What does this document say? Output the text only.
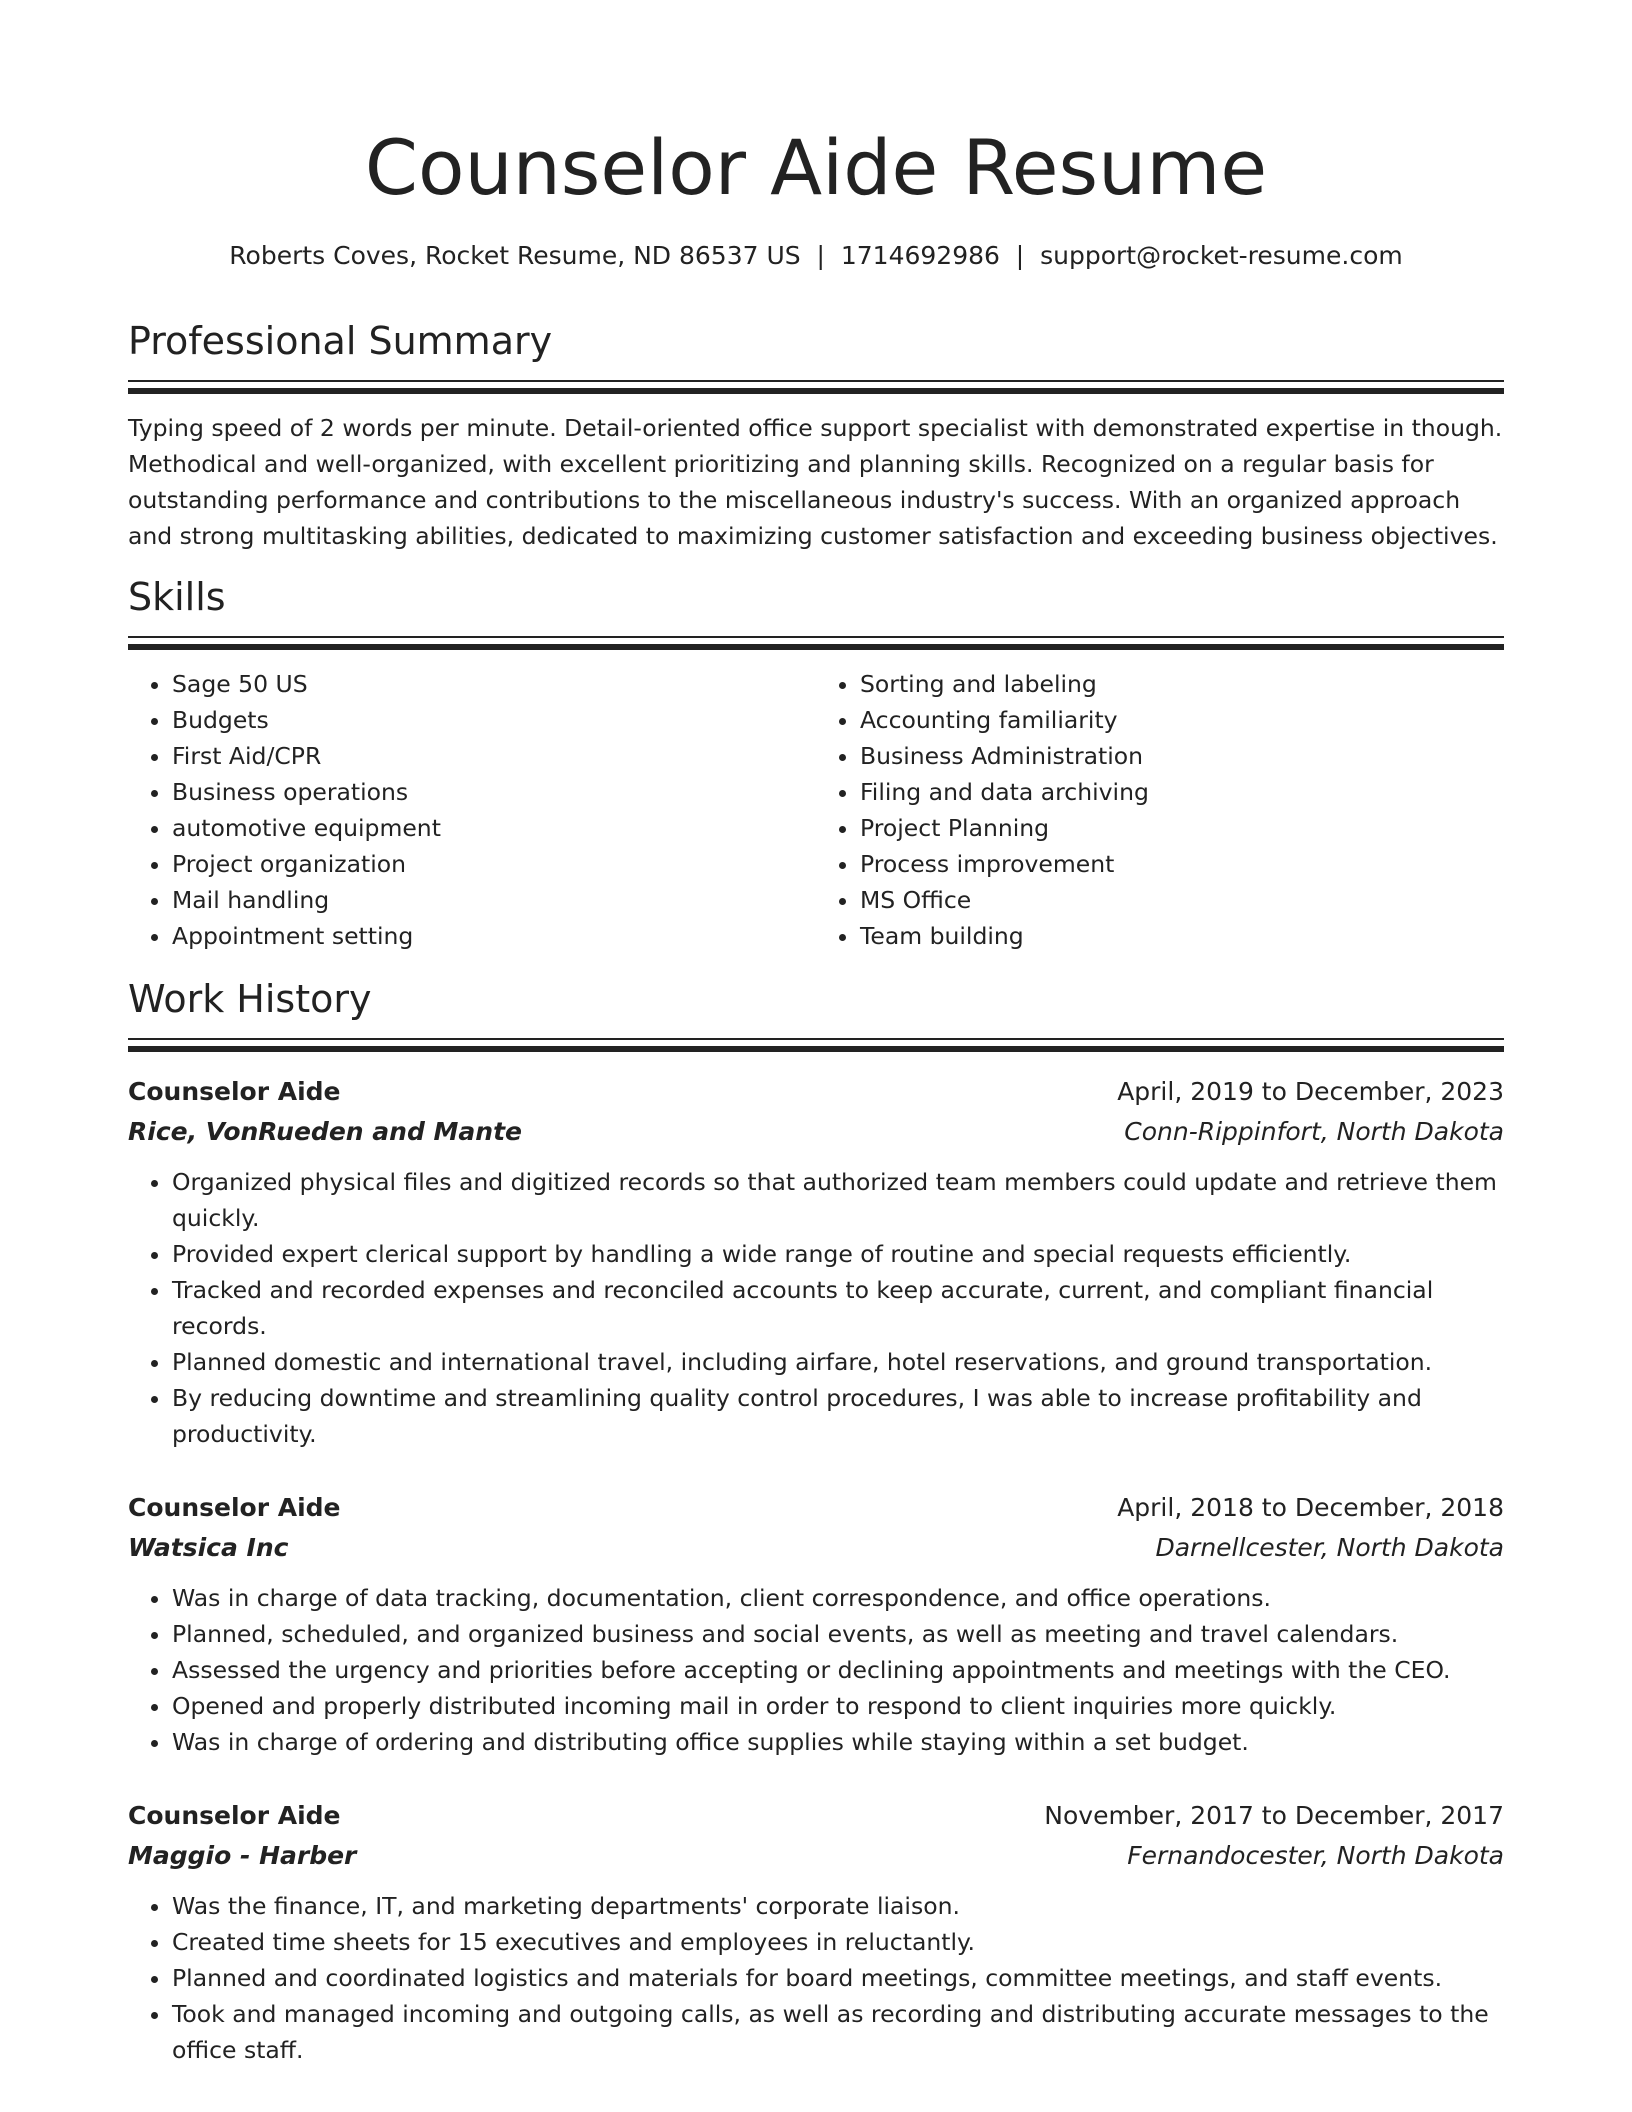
Counselor Aide Resume
Roberts Coves, Rocket Resume, ND 86537 US  |  1714692986  |  support@rocket-resume.com
Professional Summary
Typing speed of 2 words per minute. Detail-oriented office support specialist with demonstrated expertise in though. Methodical and well-organized, with excellent prioritizing and planning skills. Recognized on a regular basis for outstanding performance and contributions to the miscellaneous industry's success. With an organized approach and strong multitasking abilities, dedicated to maximizing customer satisfaction and exceeding business objectives.
Skills
• Sage 50 US
• Budgets
• First Aid/CPR
• Business operations
• automotive equipment
• Project organization
• Mail handling
• Appointment setting
• Sorting and labeling
• Accounting familiarity
• Business Administration
• Filing and data archiving
• Project Planning
• Process improvement
• MS Office
• Team building
Work History
Counselor Aide	April, 2019 to December, 2023
Rice, VonRueden and Mante	Conn-Rippinfort, North Dakota
• Organized physical files and digitized records so that authorized team members could update and retrieve them quickly.
• Provided expert clerical support by handling a wide range of routine and special requests efficiently.
• Tracked and recorded expenses and reconciled accounts to keep accurate, current, and compliant financial records.
• Planned domestic and international travel, including airfare, hotel reservations, and ground transportation.
• By reducing downtime and streamlining quality control procedures, I was able to increase profitability and productivity.
Counselor Aide	April, 2018 to December, 2018
Watsica Inc	Darnellcester, North Dakota
• Was in charge of data tracking, documentation, client correspondence, and office operations.
• Planned, scheduled, and organized business and social events, as well as meeting and travel calendars.
• Assessed the urgency and priorities before accepting or declining appointments and meetings with the CEO.
• Opened and properly distributed incoming mail in order to respond to client inquiries more quickly.
• Was in charge of ordering and distributing office supplies while staying within a set budget.
Counselor Aide	November, 2017 to December, 2017
Maggio - Harber	Fernandocester, North Dakota
• Was the finance, IT, and marketing departments' corporate liaison.
• Created time sheets for 15 executives and employees in reluctantly.
• Planned and coordinated logistics and materials for board meetings, committee meetings, and staff events.
• Took and managed incoming and outgoing calls, as well as recording and distributing accurate messages to the office staff.
